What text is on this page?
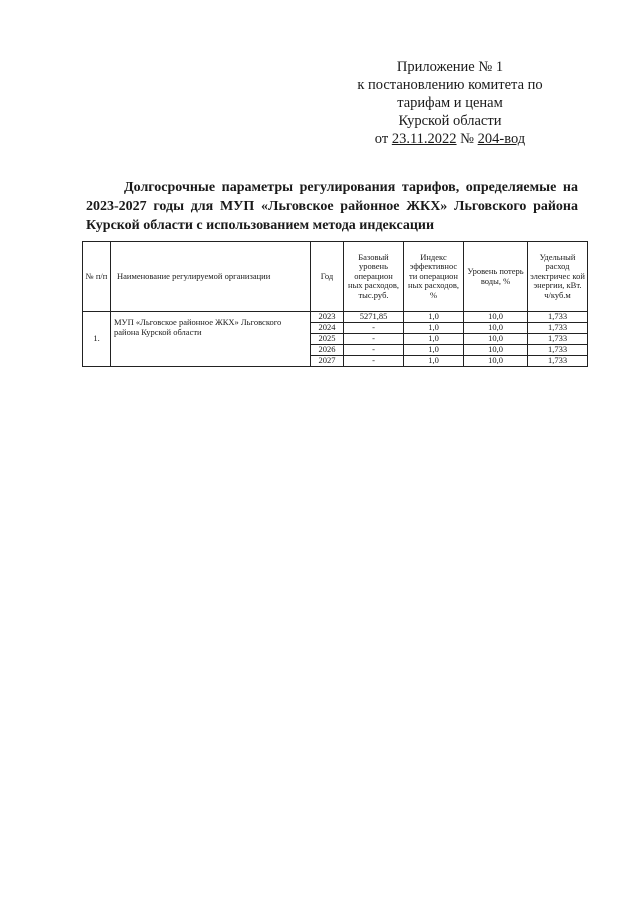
Приложение № 1
к постановлению комитета по
тарифам и ценам
Курской области
от 23.11.2022 № 204-вод
Долгосрочные параметры регулирования тарифов, определяемые на 2023-2027 годы для МУП «Льговское районное ЖКХ» Льговского района Курской области с использованием метода индексации
№ п/п	Наименование регулируемой организации	Год	Базовый уровень операцион ных расходов, тыс.руб.	Индекс эффективнос ти операцион ных расходов, %	Уровень потерь воды, %	Удельный расход электричес кой энергии, кВт. ч/куб.м
1.	МУП «Льговское районное ЖКХ» Льговского района Курской области	2023	5271,85	1,0	10,0	1,733
		2024	-	1,0	10,0	1,733
		2025	-	1,0	10,0	1,733
		2026	-	1,0	10,0	1,733
		2027	-	1,0	10,0	1,733
